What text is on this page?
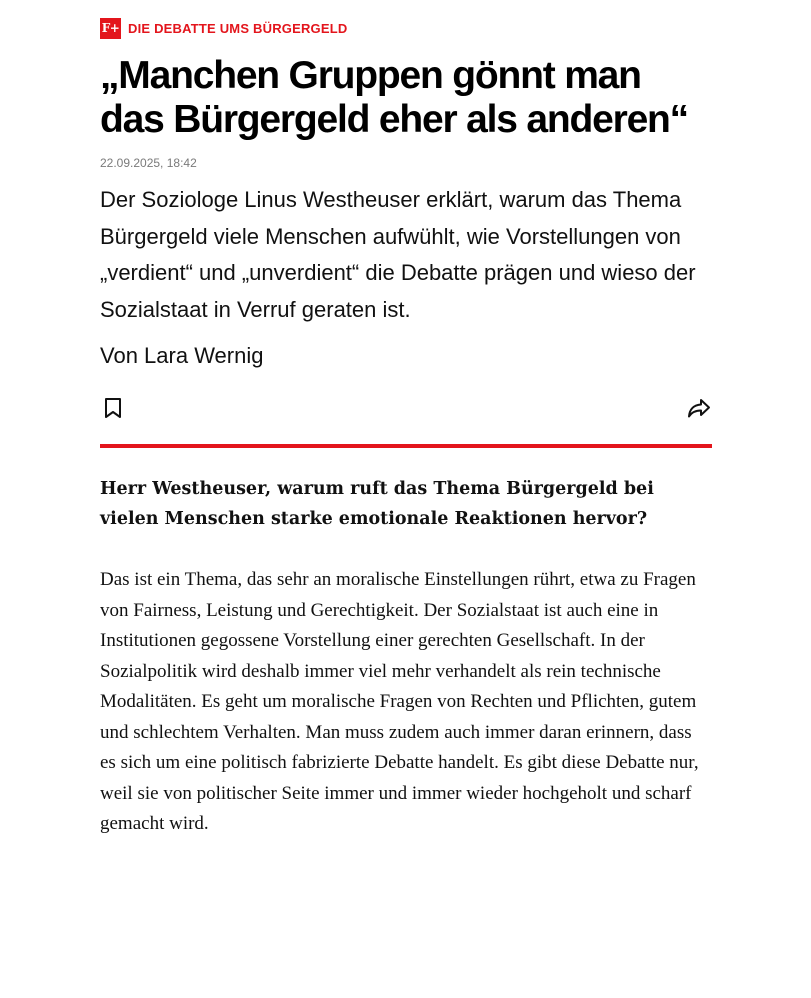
F+ DIE DEBATTE UMS BÜRGERGELD
„Manchen Gruppen gönnt man das Bürgergeld eher als anderen“
22.09.2025, 18:42
Der Soziologe Linus Westheuser erklärt, warum das Thema Bürgergeld viele Menschen aufwühlt, wie Vorstellungen von „verdient“ und „unverdient“ die Debatte prägen und wieso der Sozialstaat in Verruf geraten ist.
Von Lara Wernig
Herr Westheuser, warum ruft das Thema Bürgergeld bei vielen Menschen starke emotionale Reaktionen hervor?
Das ist ein Thema, das sehr an moralische Einstellungen rührt, etwa zu Fragen von Fairness, Leistung und Gerechtigkeit. Der Sozialstaat ist auch eine in Institutionen gegossene Vorstellung einer gerechten Gesellschaft. In der Sozialpolitik wird deshalb immer viel mehr verhandelt als rein technische Modalitäten. Es geht um moralische Fragen von Rechten und Pflichten, gutem und schlechtem Verhalten. Man muss zudem auch immer daran erinnern, dass es sich um eine politisch fabrizierte Debatte handelt. Es gibt diese Debatte nur, weil sie von politischer Seite immer und immer wieder hochgeholt und scharf gemacht wird.
